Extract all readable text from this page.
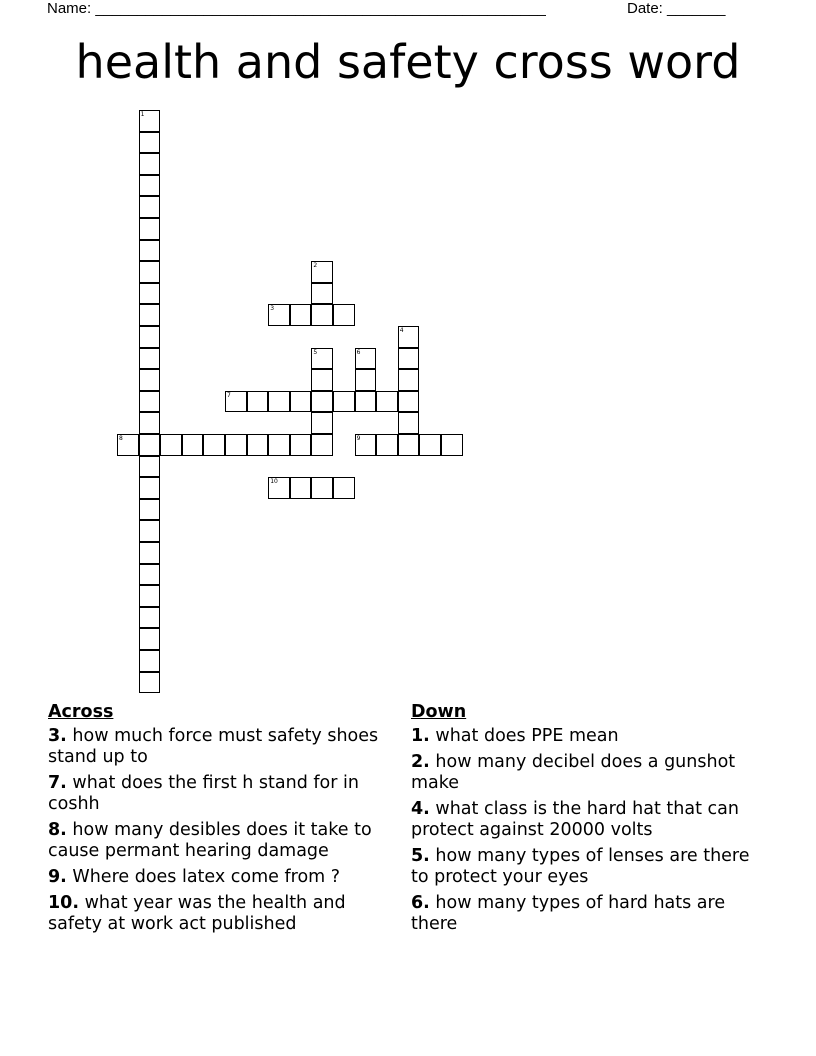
Name: ______________________________________________________	Date: _______
health and safety cross word
1
2
3
4
5	6
7
8	9
10
Across
3. how much force must safety shoes stand up to
7. what does the first h stand for in coshh
8. how many desibles does it take to cause permant hearing damage
9. Where does latex come from ?
10. what year was the health and safety at work act published
Down
1. what does PPE mean
2. how many decibel does a gunshot make
4. what class is the hard hat that can protect against 20000 volts
5. how many types of lenses are there to protect your eyes
6. how many types of hard hats are there
